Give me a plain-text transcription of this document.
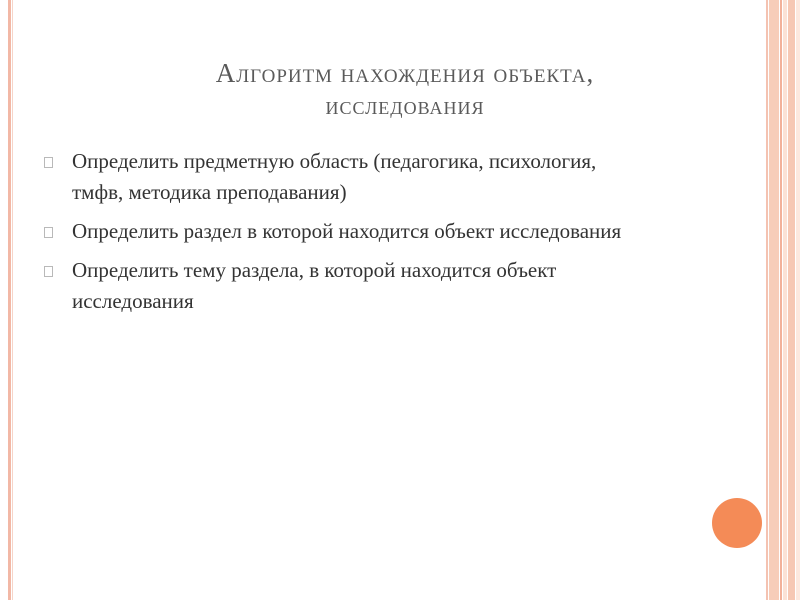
Алгоритм нахождения объекта,
исследования
Определить предметную область (педагогика, психология, тмфв, методика преподавания)
Определить раздел в которой находится объект исследования
Определить тему раздела, в которой находится объект исследования
